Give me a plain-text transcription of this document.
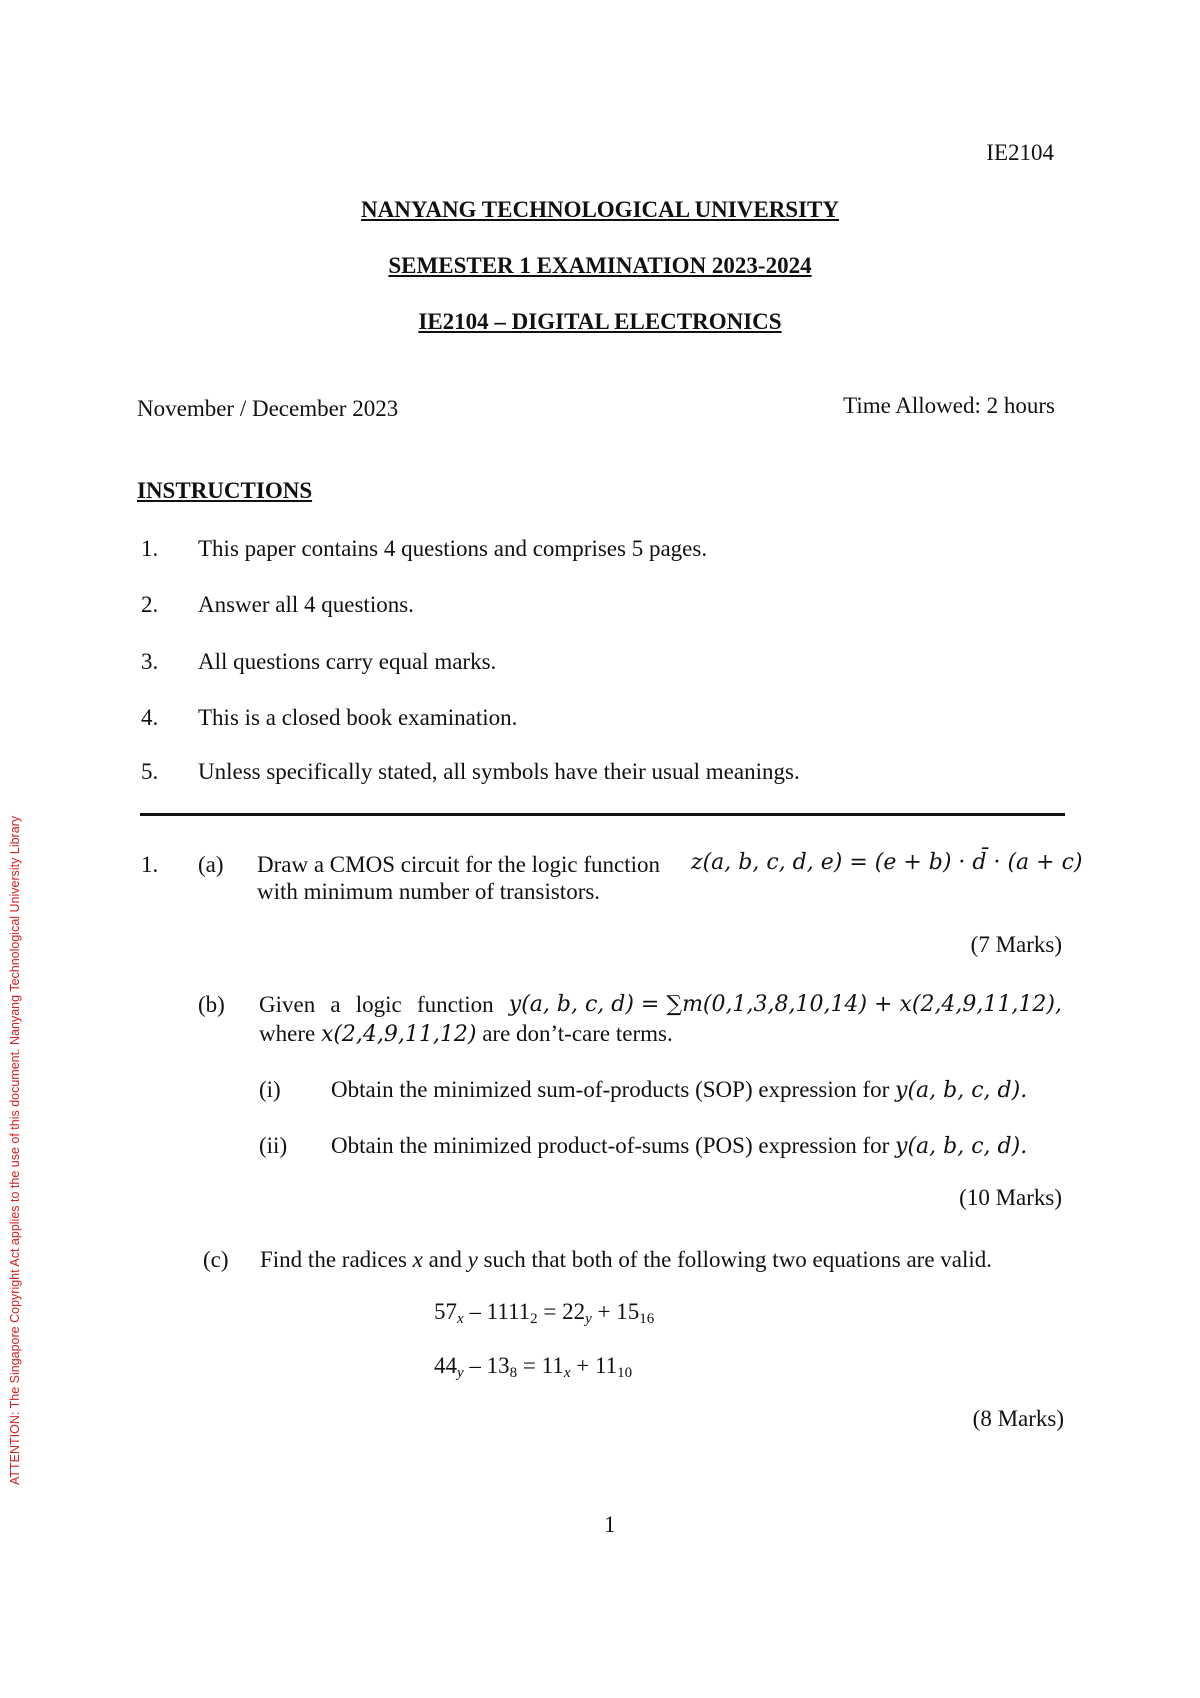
ATTENTION: The Singapore Copyright Act applies to the use of this document. Nanyang Technological University Library
IE2104
NANYANG TECHNOLOGICAL UNIVERSITY
SEMESTER 1 EXAMINATION 2023-2024
IE2104 – DIGITAL ELECTRONICS
November / December 2023	Time Allowed: 2 hours
INSTRUCTIONS
1. This paper contains 4 questions and comprises 5 pages.
2. Answer all 4 questions.
3. All questions carry equal marks.
4. This is a closed book examination.
5. Unless specifically stated, all symbols have their usual meanings.
1. (a) Draw a CMOS circuit for the logic function z(a, b, c, d, e) = (e + b) · d̄ · (a + c)
with minimum number of transistors.
(7 Marks)
(b) Given a logic function y(a, b, c, d) = ∑m(0,1,3,8,10,14) + x(2,4,9,11,12),
where x(2,4,9,11,12) are don’t-care terms.
(i) Obtain the minimized sum-of-products (SOP) expression for y(a, b, c, d).
(ii) Obtain the minimized product-of-sums (POS) expression for y(a, b, c, d).
(10 Marks)
(c) Find the radices x and y such that both of the following two equations are valid.
$57_x - 1111_2 = 22_y + 15_{16}$
$44_y - 13_8 = 11_x + 11_{10}$
(8 Marks)
1
